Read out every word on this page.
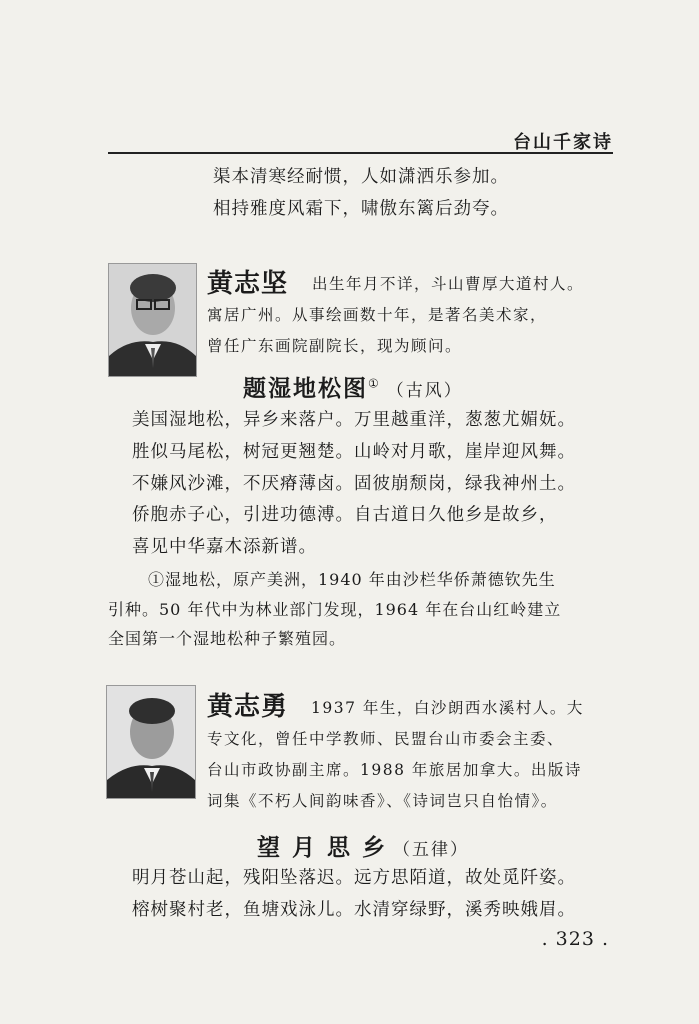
台山千家诗
渠本清寒经耐惯，人如潇洒乐参加。
相持雅度风霜下，啸傲东篱后劲夸。
黄志坚 出生年月不详，斗山曹厚大道村人。
寓居广州。从事绘画数十年，是著名美术家，
曾任广东画院副院长，现为顾问。
题湿地松图① （古风）
美国湿地松，异乡来落户。万里越重洋，葱葱尤媚妩。
胜似马尾松，树冠更翘楚。山岭对月歌，崖岸迎风舞。
不嫌风沙滩，不厌瘠薄卤。固彼崩颓岗，绿我神州土。
侨胞赤子心，引进功德溥。自古道日久他乡是故乡，
喜见中华嘉木添新谱。
①湿地松，原产美洲，1940 年由沙栏华侨萧德钦先生
引种。50 年代中为林业部门发现，1964 年在台山红岭建立
全国第一个湿地松种子繁殖园。
黄志勇 1937 年生，白沙朗西水溪村人。大
专文化，曾任中学教师、民盟台山市委会主委、
台山市政协副主席。1988 年旅居加拿大。出版诗
词集《不朽人间韵味香》、《诗词岂只自怡情》。
望 月 思 乡 （五律）
明月苍山起，残阳坠落迟。远方思陌道，故处觅阡姿。
榕树聚村老，鱼塘戏泳儿。水清穿绿野，溪秀映娥眉。
. 323 .
